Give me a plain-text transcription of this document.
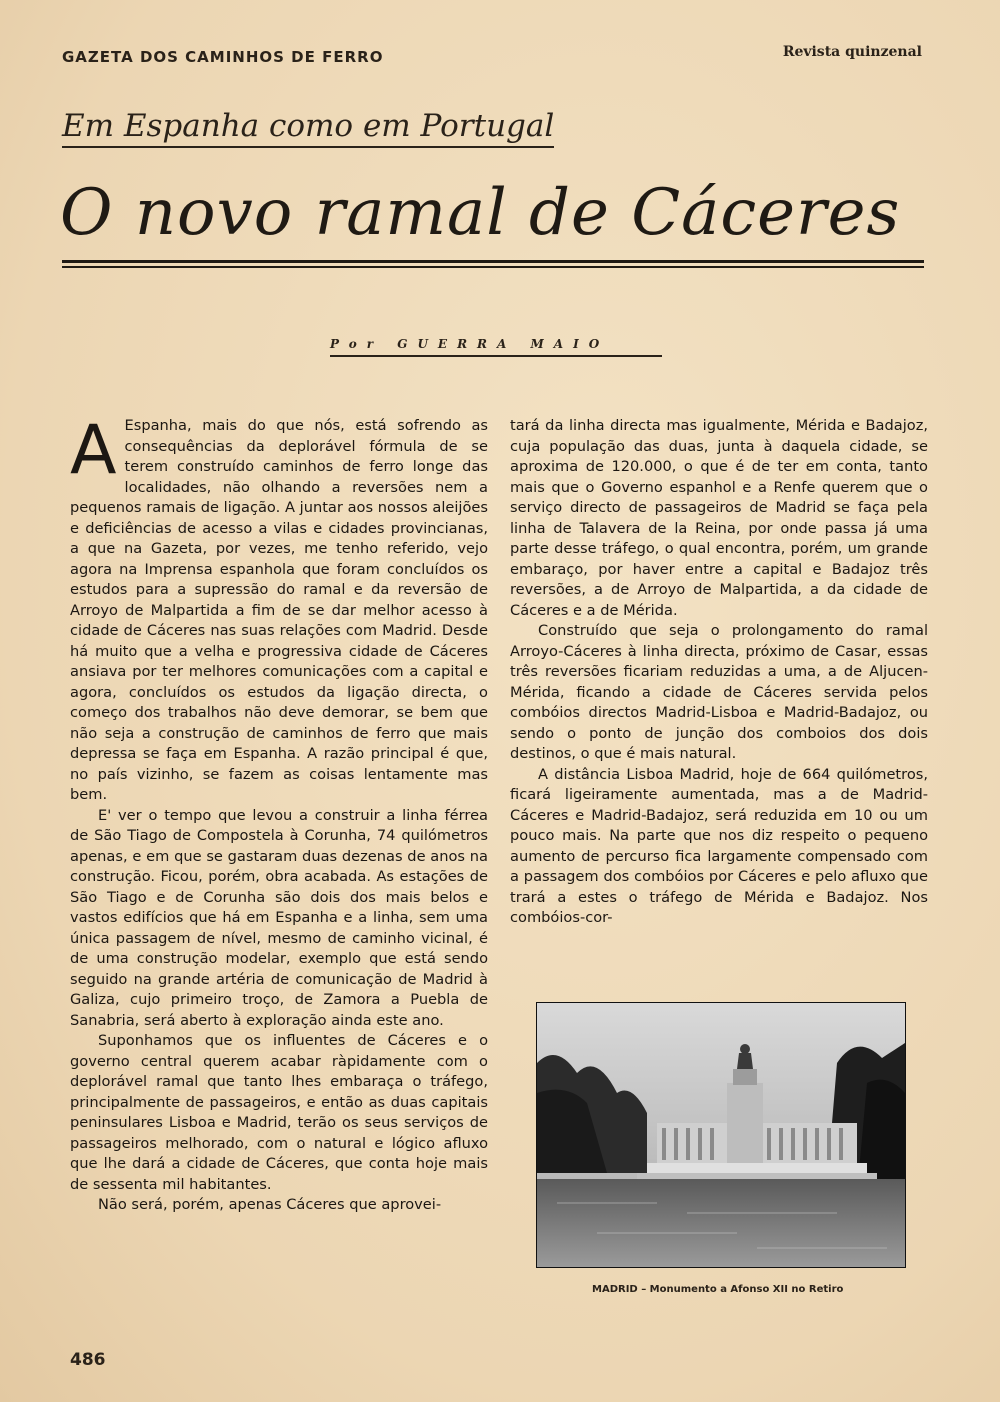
GAZETA DOS CAMINHOS DE FERRO	Revista quinzenal
Em Espanha como em Portugal
O novo ramal de Cáceres
Por GUERRA MAIO

A Espanha, mais do que nós, está sofrendo as consequências da deplorável fórmula de se terem construído caminhos de ferro longe das localidades, não olhando a reversões nem a pequenos ramais de ligação. A juntar aos nossos aleijões e deficiências de acesso a vilas e cidades provincianas, a que na Gazeta, por vezes, me tenho referido, vejo agora na Imprensa espanhola que foram concluídos os estudos para a supressão do ramal e da reversão de Arroyo de Malpartida a fim de se dar melhor acesso à cidade de Cáceres nas suas relações com Madrid. Desde há muito que a velha e progressiva cidade de Cáceres ansiava por ter melhores comunicações com a capital e agora, concluídos os estudos da ligação directa, o começo dos trabalhos não deve demorar, se bem que não seja a construção de caminhos de ferro que mais depressa se faça em Espanha. A razão principal é que, no país vizinho, se fazem as coisas lentamente mas bem.

E' ver o tempo que levou a construir a linha férrea de São Tiago de Compostela à Corunha, 74 quilómetros apenas, e em que se gastaram duas dezenas de anos na construção. Ficou, porém, obra acabada. As estações de São Tiago e de Corunha são dois dos mais belos e vastos edifícios que há em Espanha e a linha, sem uma única passagem de nível, mesmo de caminho vicinal, é de uma construção modelar, exemplo que está sendo seguido na grande artéria de comunicação de Madrid à Galiza, cujo primeiro troço, de Zamora a Puebla de Sanabria, será aberto à exploração ainda este ano.

Suponhamos que os influentes de Cáceres e o governo central querem acabar ràpidamente com o deplorável ramal que tanto lhes embaraça o tráfego, principalmente de passageiros, e então as duas capitais peninsulares Lisboa e Madrid, terão os seus serviços de passageiros melhorado, com o natural e lógico afluxo que lhe dará a cidade de Cáceres, que conta hoje mais de sessenta mil habitantes.

Não será, porém, apenas Cáceres que aprovei-

tará da linha directa mas igualmente, Mérida e Badajoz, cuja população das duas, junta à daquela cidade, se aproxima de 120.000, o que é de ter em conta, tanto mais que o Governo espanhol e a Renfe querem que o serviço directo de passageiros de Madrid se faça pela linha de Talavera de la Reina, por onde passa já uma parte desse tráfego, o qual encontra, porém, um grande embaraço, por haver entre a capital e Badajoz três reversões, a de Arroyo de Malpartida, a da cidade de Cáceres e a de Mérida.

Construído que seja o prolongamento do ramal Arroyo-Cáceres à linha directa, próximo de Casar, essas três reversões ficariam reduzidas a uma, a de Aljucen-Mérida, ficando a cidade de Cáceres servida pelos combóios directos Madrid-Lisboa e Madrid-Badajoz, ou sendo o ponto de junção dos comboios dos dois destinos, o que é mais natural.

A distância Lisboa Madrid, hoje de 664 quilómetros, ficará ligeiramente aumentada, mas a de Madrid-Cáceres e Madrid-Badajoz, será reduzida em 10 ou um pouco mais. Na parte que nos diz respeito o pequeno aumento de percurso fica largamente compensado com a passagem dos combóios por Cáceres e pelo afluxo que trará a estes o tráfego de Mérida e Badajoz. Nos combóios-cor-

MADRID – Monumento a Afonso XII no Retiro
486
